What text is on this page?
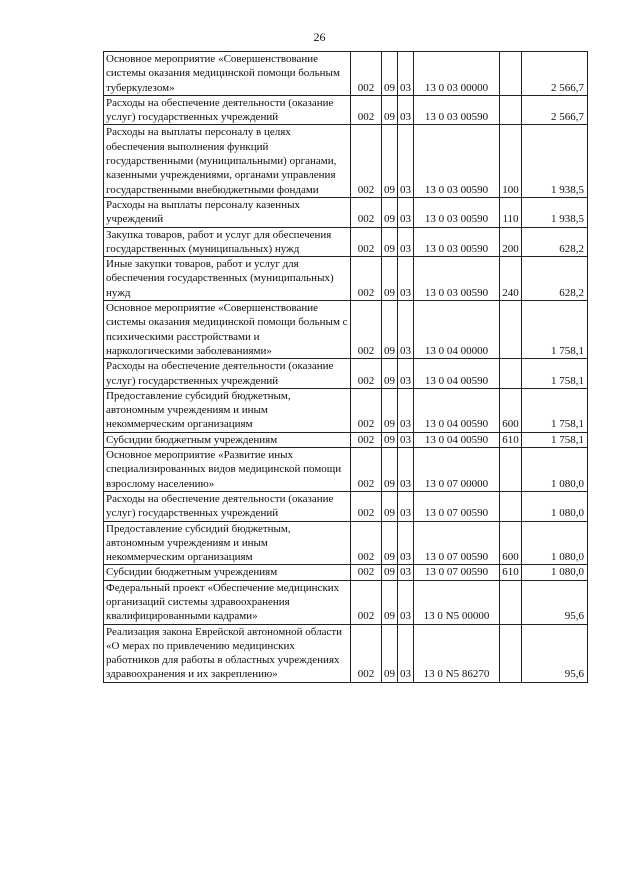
26
Основное мероприятие «Совершенствование системы оказания медицинской помощи больным туберкулезом»	002	09	03	13 0 03 00000		2 566,7
Расходы на обеспечение деятельности (оказание услуг) государственных учреждений	002	09	03	13 0 03 00590		2 566,7
Расходы на выплаты персоналу в целях обеспечения выполнения функций государственными (муниципальными) органами, казенными учреждениями, органами управления государственными внебюджетными фондами	002	09	03	13 0 03 00590	100	1 938,5
Расходы на выплаты персоналу казенных учреждений	002	09	03	13 0 03 00590	110	1 938,5
Закупка товаров, работ и услуг для обеспечения государственных (муниципальных) нужд	002	09	03	13 0 03 00590	200	628,2
Иные закупки товаров, работ и услуг для обеспечения государственных (муниципальных) нужд	002	09	03	13 0 03 00590	240	628,2
Основное мероприятие «Совершенствование системы оказания медицинской помощи больным с психическими расстройствами и наркологическими заболеваниями»	002	09	03	13 0 04 00000		1 758,1
Расходы на обеспечение деятельности (оказание услуг) государственных учреждений	002	09	03	13 0 04 00590		1 758,1
Предоставление субсидий бюджетным, автономным учреждениям и иным некоммерческим организациям	002	09	03	13 0 04 00590	600	1 758,1
Субсидии бюджетным учреждениям	002	09	03	13 0 04 00590	610	1 758,1
Основное мероприятие «Развитие иных специализированных видов медицинской помощи взрослому населению»	002	09	03	13 0 07 00000		1 080,0
Расходы на обеспечение деятельности (оказание услуг) государственных учреждений	002	09	03	13 0 07 00590		1 080,0
Предоставление субсидий бюджетным, автономным учреждениям и иным некоммерческим организациям	002	09	03	13 0 07 00590	600	1 080,0
Субсидии бюджетным учреждениям	002	09	03	13 0 07 00590	610	1 080,0
Федеральный проект «Обеспечение медицинских организаций системы здравоохранения квалифицированными кадрами»	002	09	03	13 0 N5 00000		95,6
Реализация закона Еврейской автономной области «О мерах по привлечению медицинских работников для работы в областных учреждениях здравоохранения и их закреплению»	002	09	03	13 0 N5 86270		95,6
